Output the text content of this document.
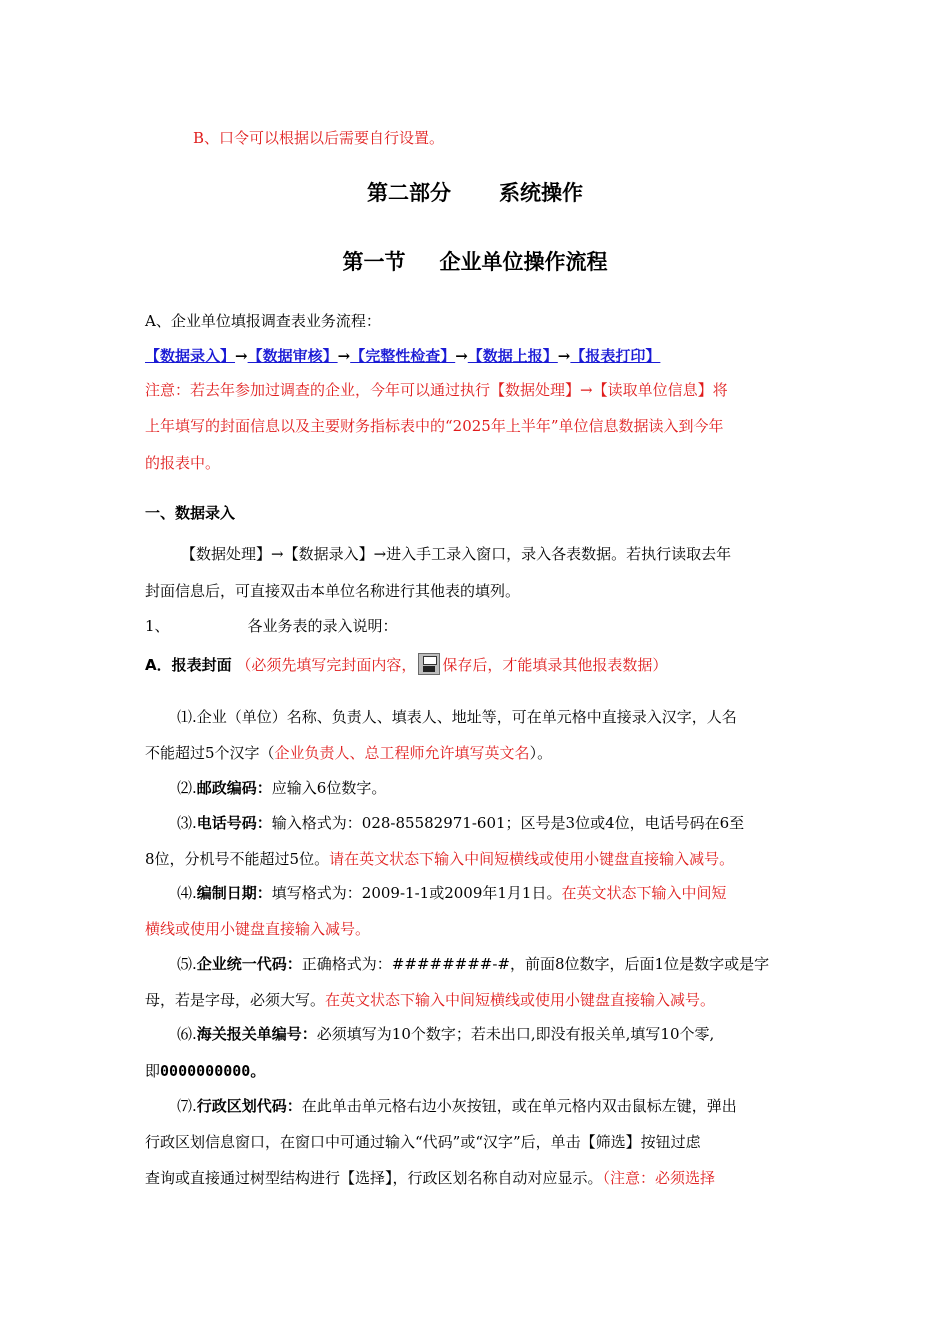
B、口令可以根据以后需要自行设置。
第二部分 系统操作
第一节 企业单位操作流程
A、企业单位填报调查表业务流程：
【数据录入】→【数据审核】→【完整性检查】→【数据上报】→【报表打印】
注意：若去年参加过调查的企业，今年可以通过执行【数据处理】→【读取单位信息】将
上年填写的封面信息以及主要财务指标表中的“2025年上半年”单位信息数据读入到今年
的报表中。
一、数据录入
【数据处理】→【数据录入】→进入手工录入窗口，录入各表数据。若执行读取去年
封面信息后，可直接双击本单位名称进行其他表的填列。
1、	各业务表的录入说明：
A．报表封面 （必须先填写完封面内容， 保存后，才能填录其他报表数据）
⑴.企业（单位）名称、负责人、填表人、地址等，可在单元格中直接录入汉字，人名
不能超过5个汉字（企业负责人、总工程师允许填写英文名）。
⑵.邮政编码：应输入6位数字。
⑶.电话号码：输入格式为：028-85582971-601；区号是3位或4位，电话号码在6至
8位，分机号不能超过5位。请在英文状态下输入中间短横线或使用小键盘直接输入减号。
⑷.编制日期：填写格式为：2009-1-1或2009年1月1日。在英文状态下输入中间短
横线或使用小键盘直接输入减号。
⑸.企业统一代码：正确格式为：########-#，前面8位数字，后面1位是数字或是字
母，若是字母，必须大写。在英文状态下输入中间短横线或使用小键盘直接输入减号。
⑹.海关报关单编号：必须填写为10个数字；若未出口,即没有报关单,填写10个零,
即0000000000。
⑺.行政区划代码：在此单击单元格右边小灰按钮，或在单元格内双击鼠标左键，弹出
行政区划信息窗口，在窗口中可通过输入“代码”或“汉字”后，单击【筛选】按钮过虑
查询或直接通过树型结构进行【选择】，行政区划名称自动对应显示。（注意：必须选择
